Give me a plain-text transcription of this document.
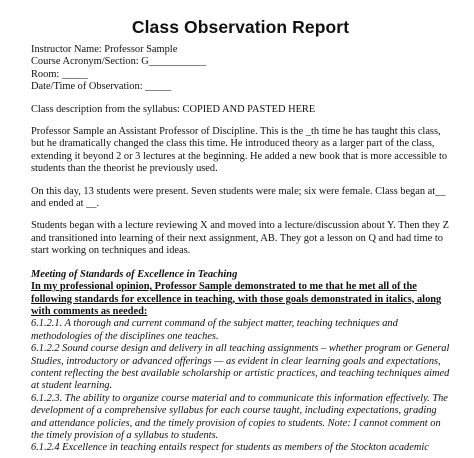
Class Observation Report
Instructor Name: Professor Sample
Course Acronym/Section: G___________
Room: _____
Date/Time of Observation: _____

Class description from the syllabus: COPIED AND PASTED HERE

Professor Sample an Assistant Professor of Discipline. This is the _th time he has taught this class, but he dramatically changed the class this time. He introduced theory as a larger part of the class, extending it beyond 2 or 3 lectures at the beginning. He added a new book that is more accessible to students than the theorist he previously used.

On this day, 13 students were present. Seven students were male; six were female. Class began at__ and ended at __.

Students began with a lecture reviewing X and moved into a lecture/discussion about Y. Then they Z and transitioned into learning of their next assignment, AB. They got a lesson on Q and had time to start working on techniques and ideas.

Meeting of Standards of Excellence in Teaching
In my professional opinion, Professor Sample demonstrated to me that he met all of the following standards for excellence in teaching, with those goals demonstrated in italics, along with comments as needed:
6.1.2.1. A thorough and current command of the subject matter, teaching techniques and methodologies of the disciplines one teaches.
6.1.2.2 Sound course design and delivery in all teaching assignments – whether program or General Studies, introductory or advanced offerings — as evident in clear learning goals and expectations, content reflecting the best available scholarship or artistic practices, and teaching techniques aimed at student learning.
6.1.2.3. The ability to organize course material and to communicate this information effectively. The development of a comprehensive syllabus for each course taught, including expectations, grading and attendance policies, and the timely provision of copies to students. Note: I cannot comment on the timely provision of a syllabus to students.
6.1.2.4 Excellence in teaching entails respect for students as members of the Stockton academic
